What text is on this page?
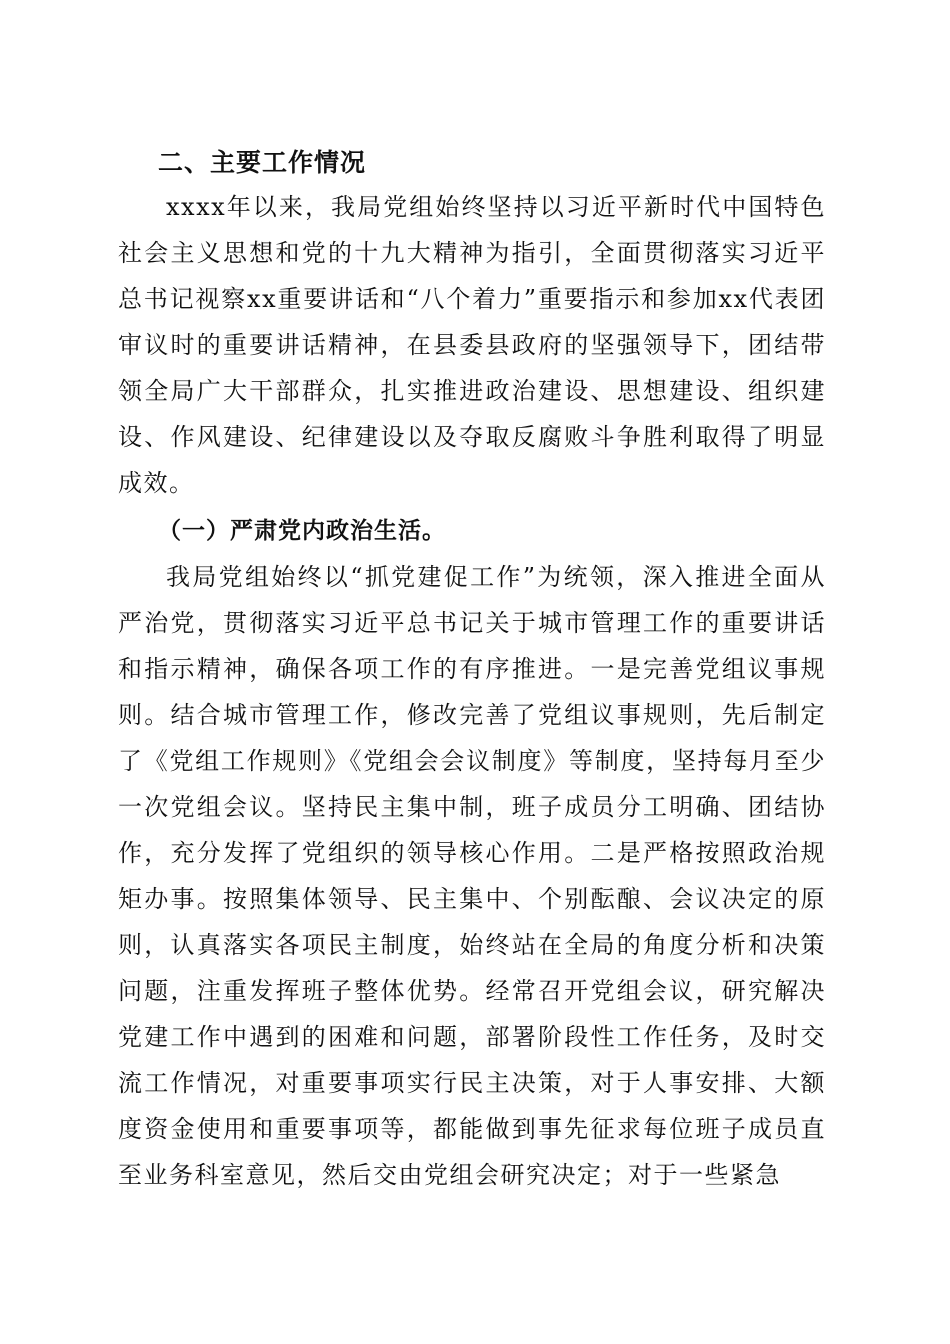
二、主要工作情况

xxxx年以来，我局党组始终坚持以习近平新时代中国特色社会主义思想和党的十九大精神为指引，全面贯彻落实习近平总书记视察xx重要讲话和“八个着力”重要指示和参加xx代表团审议时的重要讲话精神，在县委县政府的坚强领导下，团结带领全局广大干部群众，扎实推进政治建设、思想建设、组织建设、作风建设、纪律建设以及夺取反腐败斗争胜利取得了明显成效。

（一）严肃党内政治生活。

我局党组始终以“抓党建促工作”为统领，深入推进全面从严治党，贯彻落实习近平总书记关于城市管理工作的重要讲话和指示精神，确保各项工作的有序推进。一是完善党组议事规则。结合城市管理工作，修改完善了党组议事规则，先后制定了《党组工作规则》《党组会会议制度》等制度，坚持每月至少一次党组会议。坚持民主集中制，班子成员分工明确、团结协作，充分发挥了党组织的领导核心作用。二是严格按照政治规矩办事。按照集体领导、民主集中、个别酝酿、会议决定的原则，认真落实各项民主制度，始终站在全局的角度分析和决策问题，注重发挥班子整体优势。经常召开党组会议，研究解决党建工作中遇到的困难和问题，部署阶段性工作任务，及时交流工作情况，对重要事项实行民主决策，对于人事安排、大额度资金使用和重要事项等，都能做到事先征求每位班子成员直至业务科室意见，然后交由党组会研究决定；对于一些紧急
